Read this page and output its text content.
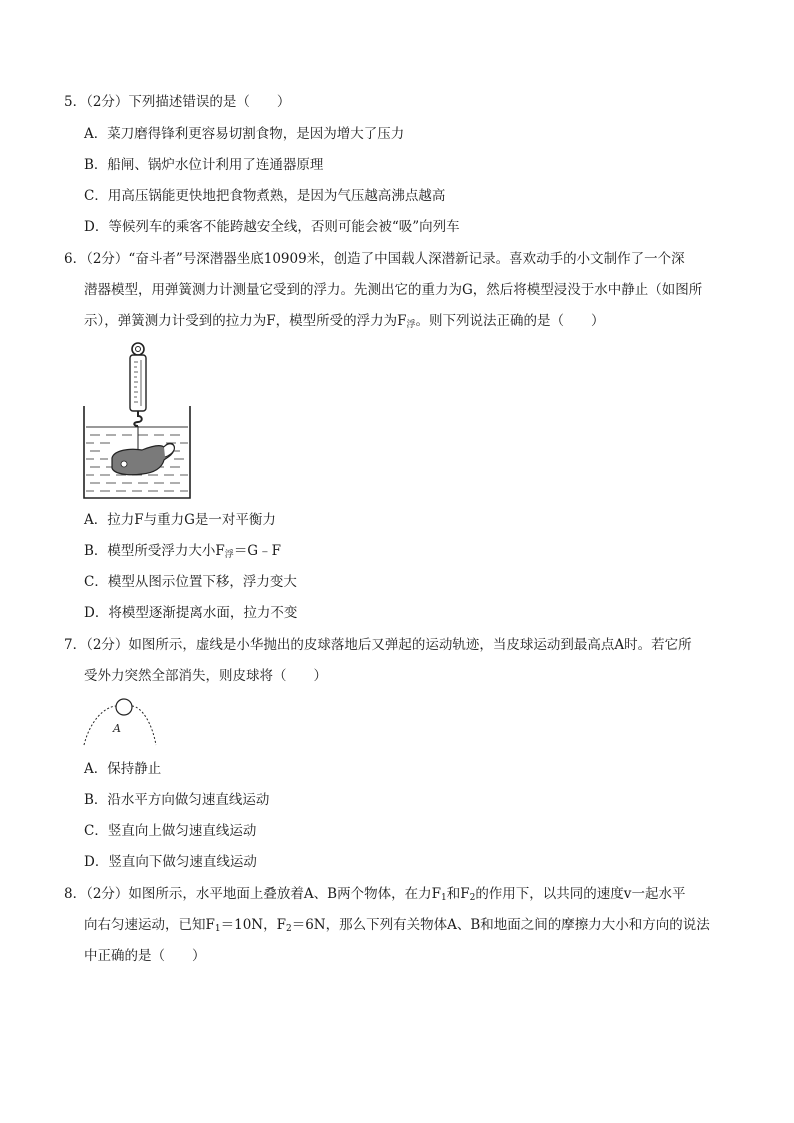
5．（2分）下列描述错误的是（　　）
A．菜刀磨得锋利更容易切割食物，是因为增大了压力
B．船闸、锅炉水位计利用了连通器原理
C．用高压锅能更快地把食物煮熟，是因为气压越高沸点越高
D．等候列车的乘客不能跨越安全线，否则可能会被“吸”向列车
6．（2分）“奋斗者”号深潜器坐底10909米，创造了中国载人深潜新记录。喜欢动手的小文制作了一个深
潜器模型，用弹簧测力计测量它受到的浮力。先测出它的重力为G，然后将模型浸没于水中静止（如图所
示），弹簧测力计受到的拉力为F，模型所受的浮力为F浮。则下列说法正确的是（　　）
A．拉力F与重力G是一对平衡力
B．模型所受浮力大小F浮＝G﹣F
C．模型从图示位置下移，浮力变大
D．将模型逐渐提离水面，拉力不变
7．（2分）如图所示，虚线是小华抛出的皮球落地后又弹起的运动轨迹，当皮球运动到最高点A时。若它所
受外力突然全部消失，则皮球将（　　）
A
A．保持静止
B．沿水平方向做匀速直线运动
C．竖直向上做匀速直线运动
D．竖直向下做匀速直线运动
8．（2分）如图所示，水平地面上叠放着A、B两个物体，在力$F_1$和$F_2$的作用下，以共同的速度v一起水平
向右匀速运动，已知$F_1=10N$，$F_2=6N$，那么下列有关物体A、B和地面之间的摩擦力大小和方向的说法
中正确的是（　　）
